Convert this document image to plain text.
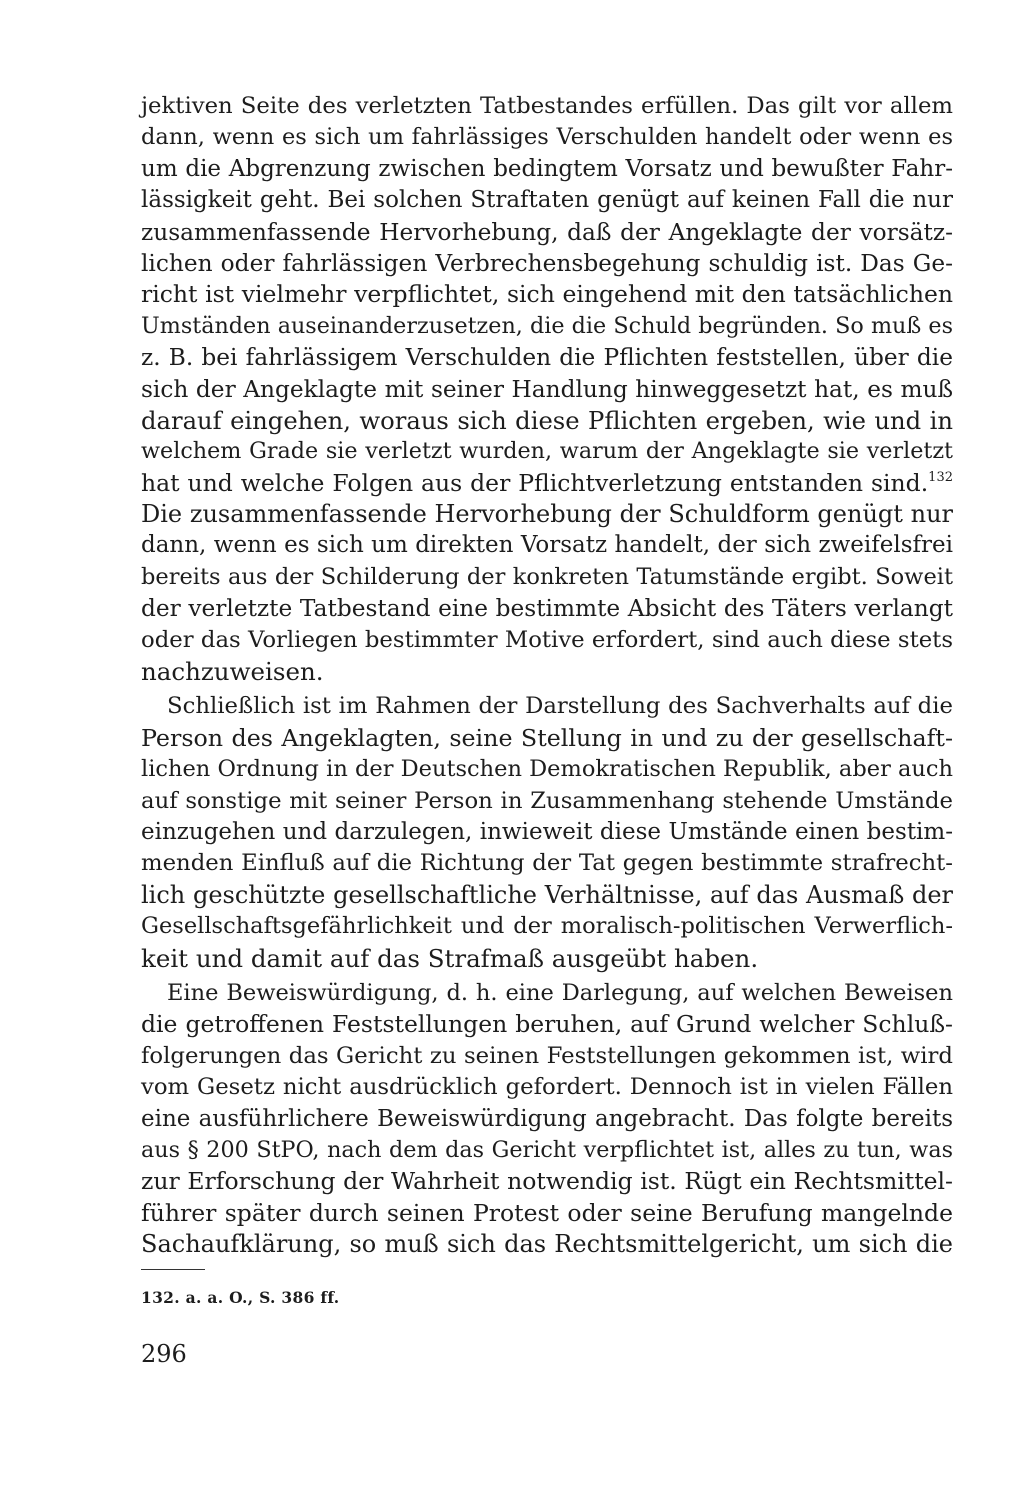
jektiven Seite des verletzten Tatbestandes erfüllen. Das gilt vor allem
dann, wenn es sich um fahrlässiges Verschulden handelt oder wenn es
um die Abgrenzung zwischen bedingtem Vorsatz und bewußter Fahr-
lässigkeit geht. Bei solchen Straftaten genügt auf keinen Fall die nur
zusammenfassende Hervorhebung, daß der Angeklagte der vorsätz-
lichen oder fahrlässigen Verbrechensbegehung schuldig ist. Das Ge-
richt ist vielmehr verpflichtet, sich eingehend mit den tatsächlichen
Umständen auseinanderzusetzen, die die Schuld begründen. So muß es
z. B. bei fahrlässigem Verschulden die Pflichten feststellen, über die
sich der Angeklagte mit seiner Handlung hinweggesetzt hat, es muß
darauf eingehen, woraus sich diese Pflichten ergeben, wie und in
welchem Grade sie verletzt wurden, warum der Angeklagte sie verletzt
hat und welche Folgen aus der Pflichtverletzung entstanden sind.$^{132}$
Die zusammenfassende Hervorhebung der Schuldform genügt nur
dann, wenn es sich um direkten Vorsatz handelt, der sich zweifelsfrei
bereits aus der Schilderung der konkreten Tatumstände ergibt. Soweit
der verletzte Tatbestand eine bestimmte Absicht des Täters verlangt
oder das Vorliegen bestimmter Motive erfordert, sind auch diese stets
nachzuweisen.
Schließlich ist im Rahmen der Darstellung des Sachverhalts auf die
Person des Angeklagten, seine Stellung in und zu der gesellschaft-
lichen Ordnung in der Deutschen Demokratischen Republik, aber auch
auf sonstige mit seiner Person in Zusammenhang stehende Umstände
einzugehen und darzulegen, inwieweit diese Umstände einen bestim-
menden Einfluß auf die Richtung der Tat gegen bestimmte strafrecht-
lich geschützte gesellschaftliche Verhältnisse, auf das Ausmaß der
Gesellschaftsgefährlichkeit und der moralisch-politischen Verwerflich-
keit und damit auf das Strafmaß ausgeübt haben.
Eine Beweiswürdigung, d. h. eine Darlegung, auf welchen Beweisen
die getroffenen Feststellungen beruhen, auf Grund welcher Schluß-
folgerungen das Gericht zu seinen Feststellungen gekommen ist, wird
vom Gesetz nicht ausdrücklich gefordert. Dennoch ist in vielen Fällen
eine ausführlichere Beweiswürdigung angebracht. Das folgte bereits
aus § 200 StPO, nach dem das Gericht verpflichtet ist, alles zu tun, was
zur Erforschung der Wahrheit notwendig ist. Rügt ein Rechtsmittel-
führer später durch seinen Protest oder seine Berufung mangelnde
Sachaufklärung, so muß sich das Rechtsmittelgericht, um sich die
132. a. a. O., S. 386 ff.
296
